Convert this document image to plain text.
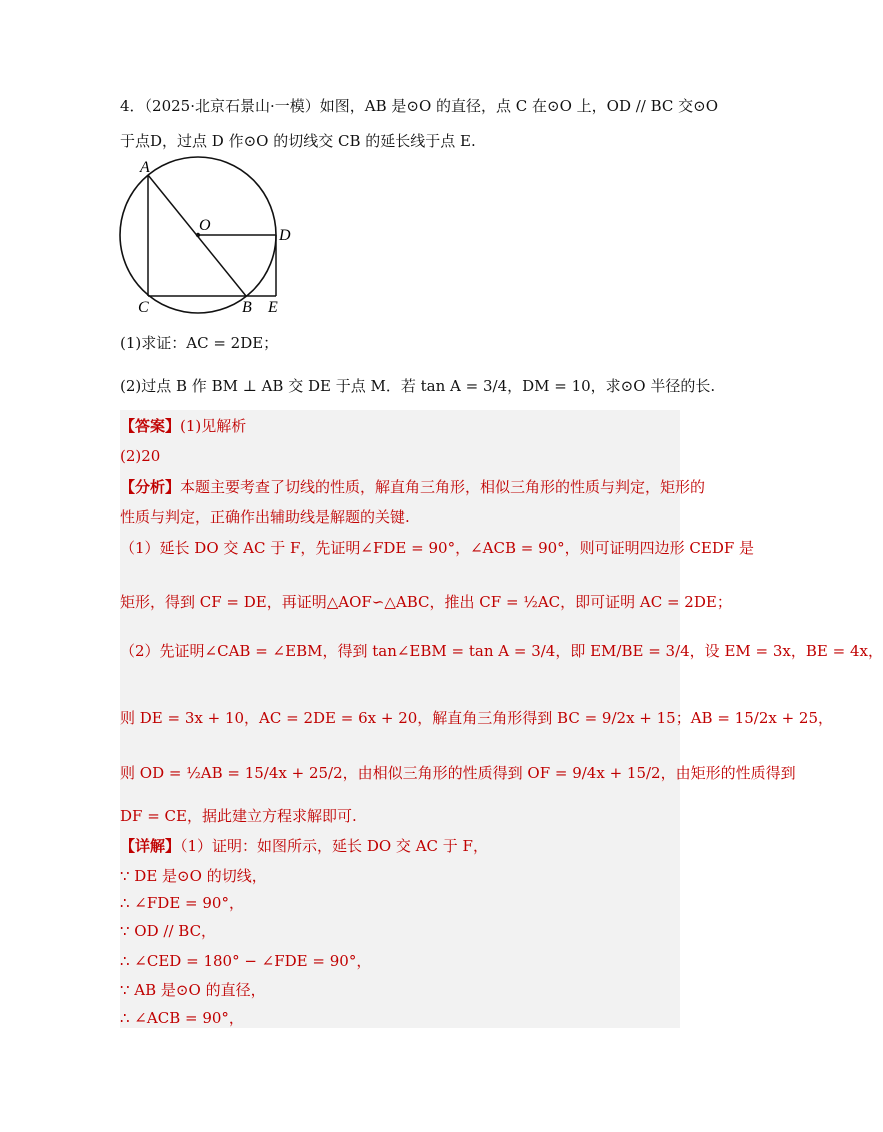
4．（2025·北京石景山·一模）如图，AB 是⊙O 的直径，点 C 在⊙O 上，OD // BC 交⊙O
于点D，过点 D 作⊙O 的切线交 CB 的延长线于点 E.
A
O
D
C	B E
(1)求证：AC = 2DE；
(2)过点 B 作 BM ⊥ AB 交 DE 于点 M．若 tan A = 3/4，DM = 10，求⊙O 半径的长.
【答案】(1)见解析
(2)20
【分析】本题主要考查了切线的性质，解直角三角形，相似三角形的性质与判定，矩形的
性质与判定，正确作出辅助线是解题的关键.
（1）延长 DO 交 AC 于 F，先证明∠FDE = 90°，∠ACB = 90°，则可证明四边形 CEDF 是
矩形，得到 CF = DE，再证明△AOF∽△ABC，推出 CF = ½AC，即可证明 AC = 2DE；
（2）先证明∠CAB = ∠EBM，得到 tan∠EBM = tan A = 3/4，即 EM/BE = 3/4，设 EM = 3x，BE = 4x，
则 DE = 3x + 10，AC = 2DE = 6x + 20，解直角三角形得到 BC = 9/2x + 15；AB = 15/2x + 25，
则 OD = ½AB = 15/4x + 25/2，由相似三角形的性质得到 OF = 9/4x + 15/2，由矩形的性质得到
DF = CE，据此建立方程求解即可.
【详解】（1）证明：如图所示，延长 DO 交 AC 于 F，
∵ DE 是⊙O 的切线，
∴ ∠FDE = 90°，
∵ OD // BC，
∴ ∠CED = 180° − ∠FDE = 90°，
∵ AB 是⊙O 的直径，
∴ ∠ACB = 90°，
